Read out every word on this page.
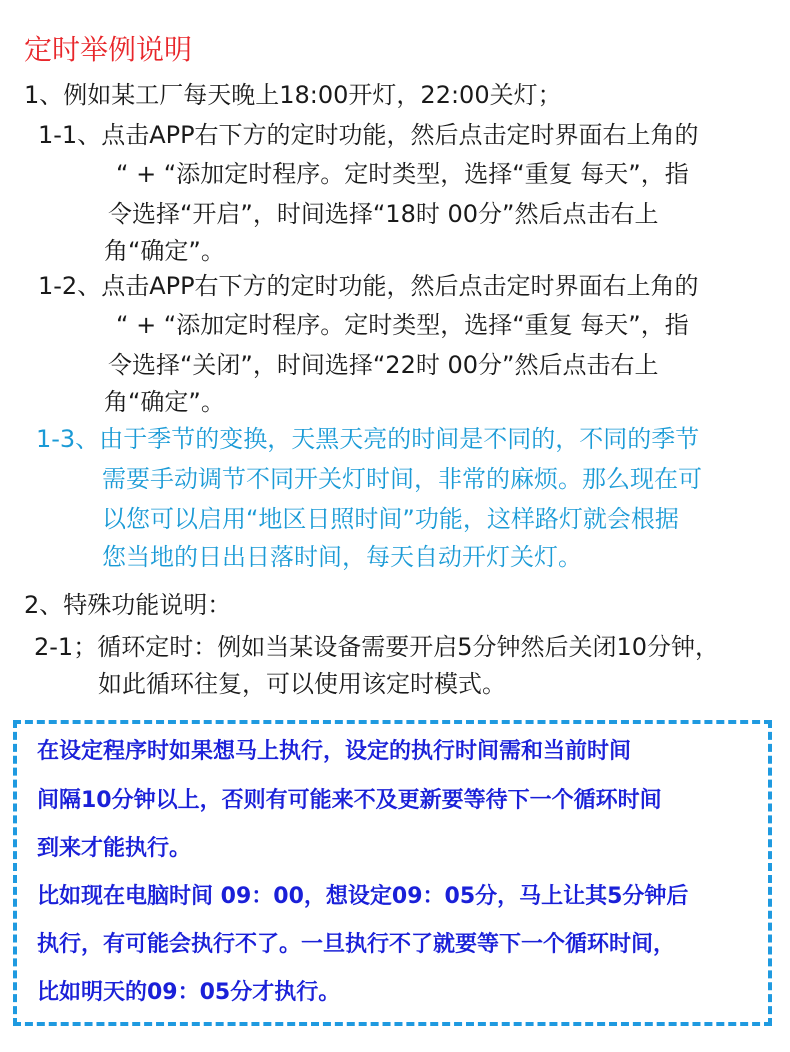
定时举例说明
1、例如某工厂每天晚上18:00开灯，22:00关灯；
1-1、点击APP右下方的定时功能，然后点击定时界面右上角的
“ + “添加定时程序。定时类型，选择“重复 每天”，指
令选择“开启”，时间选择“18时 00分”然后点击右上
角“确定”。
1-2、点击APP右下方的定时功能，然后点击定时界面右上角的
“ + “添加定时程序。定时类型，选择“重复 每天”，指
令选择“关闭”，时间选择“22时 00分”然后点击右上
角“确定”。
1-3、由于季节的变换，天黑天亮的时间是不同的，不同的季节
需要手动调节不同开关灯时间，非常的麻烦。那么现在可
以您可以启用“地区日照时间”功能，这样路灯就会根据
您当地的日出日落时间，每天自动开灯关灯。
2、特殊功能说明：
2-1；循环定时：例如当某设备需要开启5分钟然后关闭10分钟，
如此循环往复，可以使用该定时模式。
在设定程序时如果想马上执行，设定的执行时间需和当前时间
间隔10分钟以上，否则有可能来不及更新要等待下一个循环时间
到来才能执行。
比如现在电脑时间 09：00，想设定09：05分，马上让其5分钟后
执行，有可能会执行不了。一旦执行不了就要等下一个循环时间，
比如明天的09：05分才执行。
